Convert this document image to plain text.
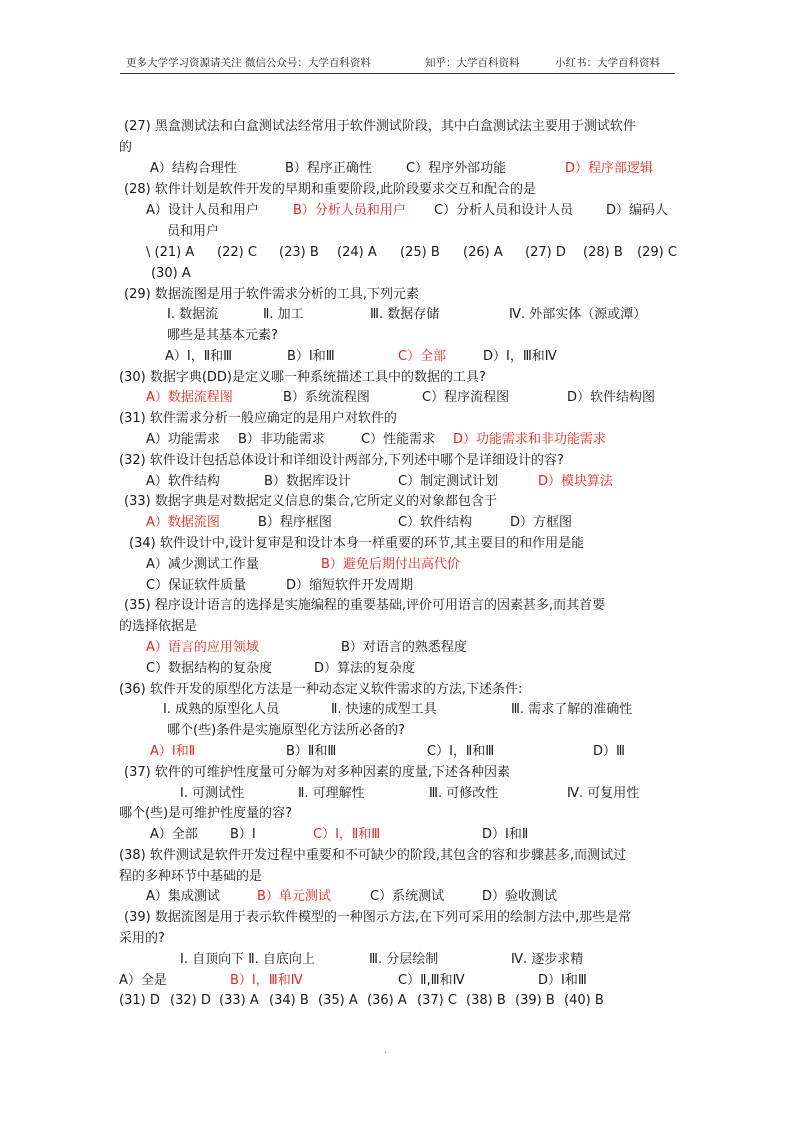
更多大学学习资源请关注 微信公众号：大学百科资料	知乎：大学百科资料	小红书：大学百科资料
(27) 黑盒测试法和白盒测试法经常用于软件测试阶段，其中白盒测试法主要用于测试软件
的
A）结构合理性	B）程序正确性	C）程序外部功能	D）程序部逻辑
(28) 软件计划是软件开发的早期和重要阶段,此阶段要求交互和配合的是
A）设计人员和用户	B）分析人员和用户 C）分析人员和设计人员	D）编码人
员和用户
\ (21) A (22) C (23) B (24) A (25) B (26) A (27) D (28) B (29) C
(30) A
(29) 数据流图是用于软件需求分析的工具,下列元素
I. 数据流	Ⅱ. 加工	Ⅲ. 数据存储	Ⅳ. 外部实体（源或潭）
哪些是其基本元素?
A）Ⅰ，Ⅱ和Ⅲ	B）Ⅰ和Ⅲ	C）全部	D）Ⅰ，Ⅲ和Ⅳ
(30) 数据字典(DD)是定义哪一种系统描述工具中的数据的工具?
A）数据流程图	B）系统流程图	C）程序流程图	D）软件结构图
(31) 软件需求分析一般应确定的是用户对软件的
A）功能需求 B）非功能需求	C）性能需求 D）功能需求和非功能需求
(32) 软件设计包括总体设计和详细设计两部分,下列述中哪个是详细设计的容?
A）软件结构	B）数据库设计	C）制定测试计划	D）模块算法
(33) 数据字典是对数据定义信息的集合,它所定义的对象都包含于
A）数据流图	B）程序框图	C）软件结构	D）方框图
(34) 软件设计中,设计复审是和设计本身一样重要的环节,其主要目的和作用是能
A）减少测试工作量	B）避免后期付出高代价
C）保证软件质量	D）缩短软件开发周期
(35) 程序设计语言的选择是实施编程的重要基础,评价可用语言的因素甚多,而其首要
的选择依据是
A）语言的应用领域	B）对语言的熟悉程度
C）数据结构的复杂度	D）算法的复杂度
(36) 软件开发的原型化方法是一种动态定义软件需求的方法,下述条件:
Ⅰ. 成熟的原型化人员	Ⅱ. 快速的成型工具	Ⅲ. 需求了解的准确性
哪个(些)条件是实施原型化方法所必备的?
A）Ⅰ和Ⅱ	B）Ⅱ和Ⅲ	C）Ⅰ，Ⅱ和Ⅲ	D）Ⅲ
(37) 软件的可维护性度量可分解为对多种因素的度量,下述各种因素
Ⅰ. 可测试性	Ⅱ. 可理解性	Ⅲ. 可修改性	Ⅳ. 可复用性
哪个(些)是可维护性度量的容?
A）全部 B）Ⅰ	C）Ⅰ，Ⅱ和Ⅲ	D）Ⅰ和Ⅱ
(38) 软件测试是软件开发过程中重要和不可缺少的阶段,其包含的容和步骤甚多,而测试过
程的多种环节中基础的是
A）集成测试	B）单元测试	C）系统测试	D）验收测试
(39) 数据流图是用于表示软件模型的一种图示方法,在下列可采用的绘制方法中,那些是常
采用的?
Ⅰ. 自顶向下 Ⅱ. 自底向上	Ⅲ. 分层绘制	Ⅳ. 逐步求精
A）全是	B）Ⅰ，Ⅲ和Ⅳ	C）Ⅱ,Ⅲ和Ⅳ	D）Ⅰ和Ⅲ
(31) D (32) D (33) A (34) B (35) A (36) A (37) C (38) B (39) B (40) B
.
